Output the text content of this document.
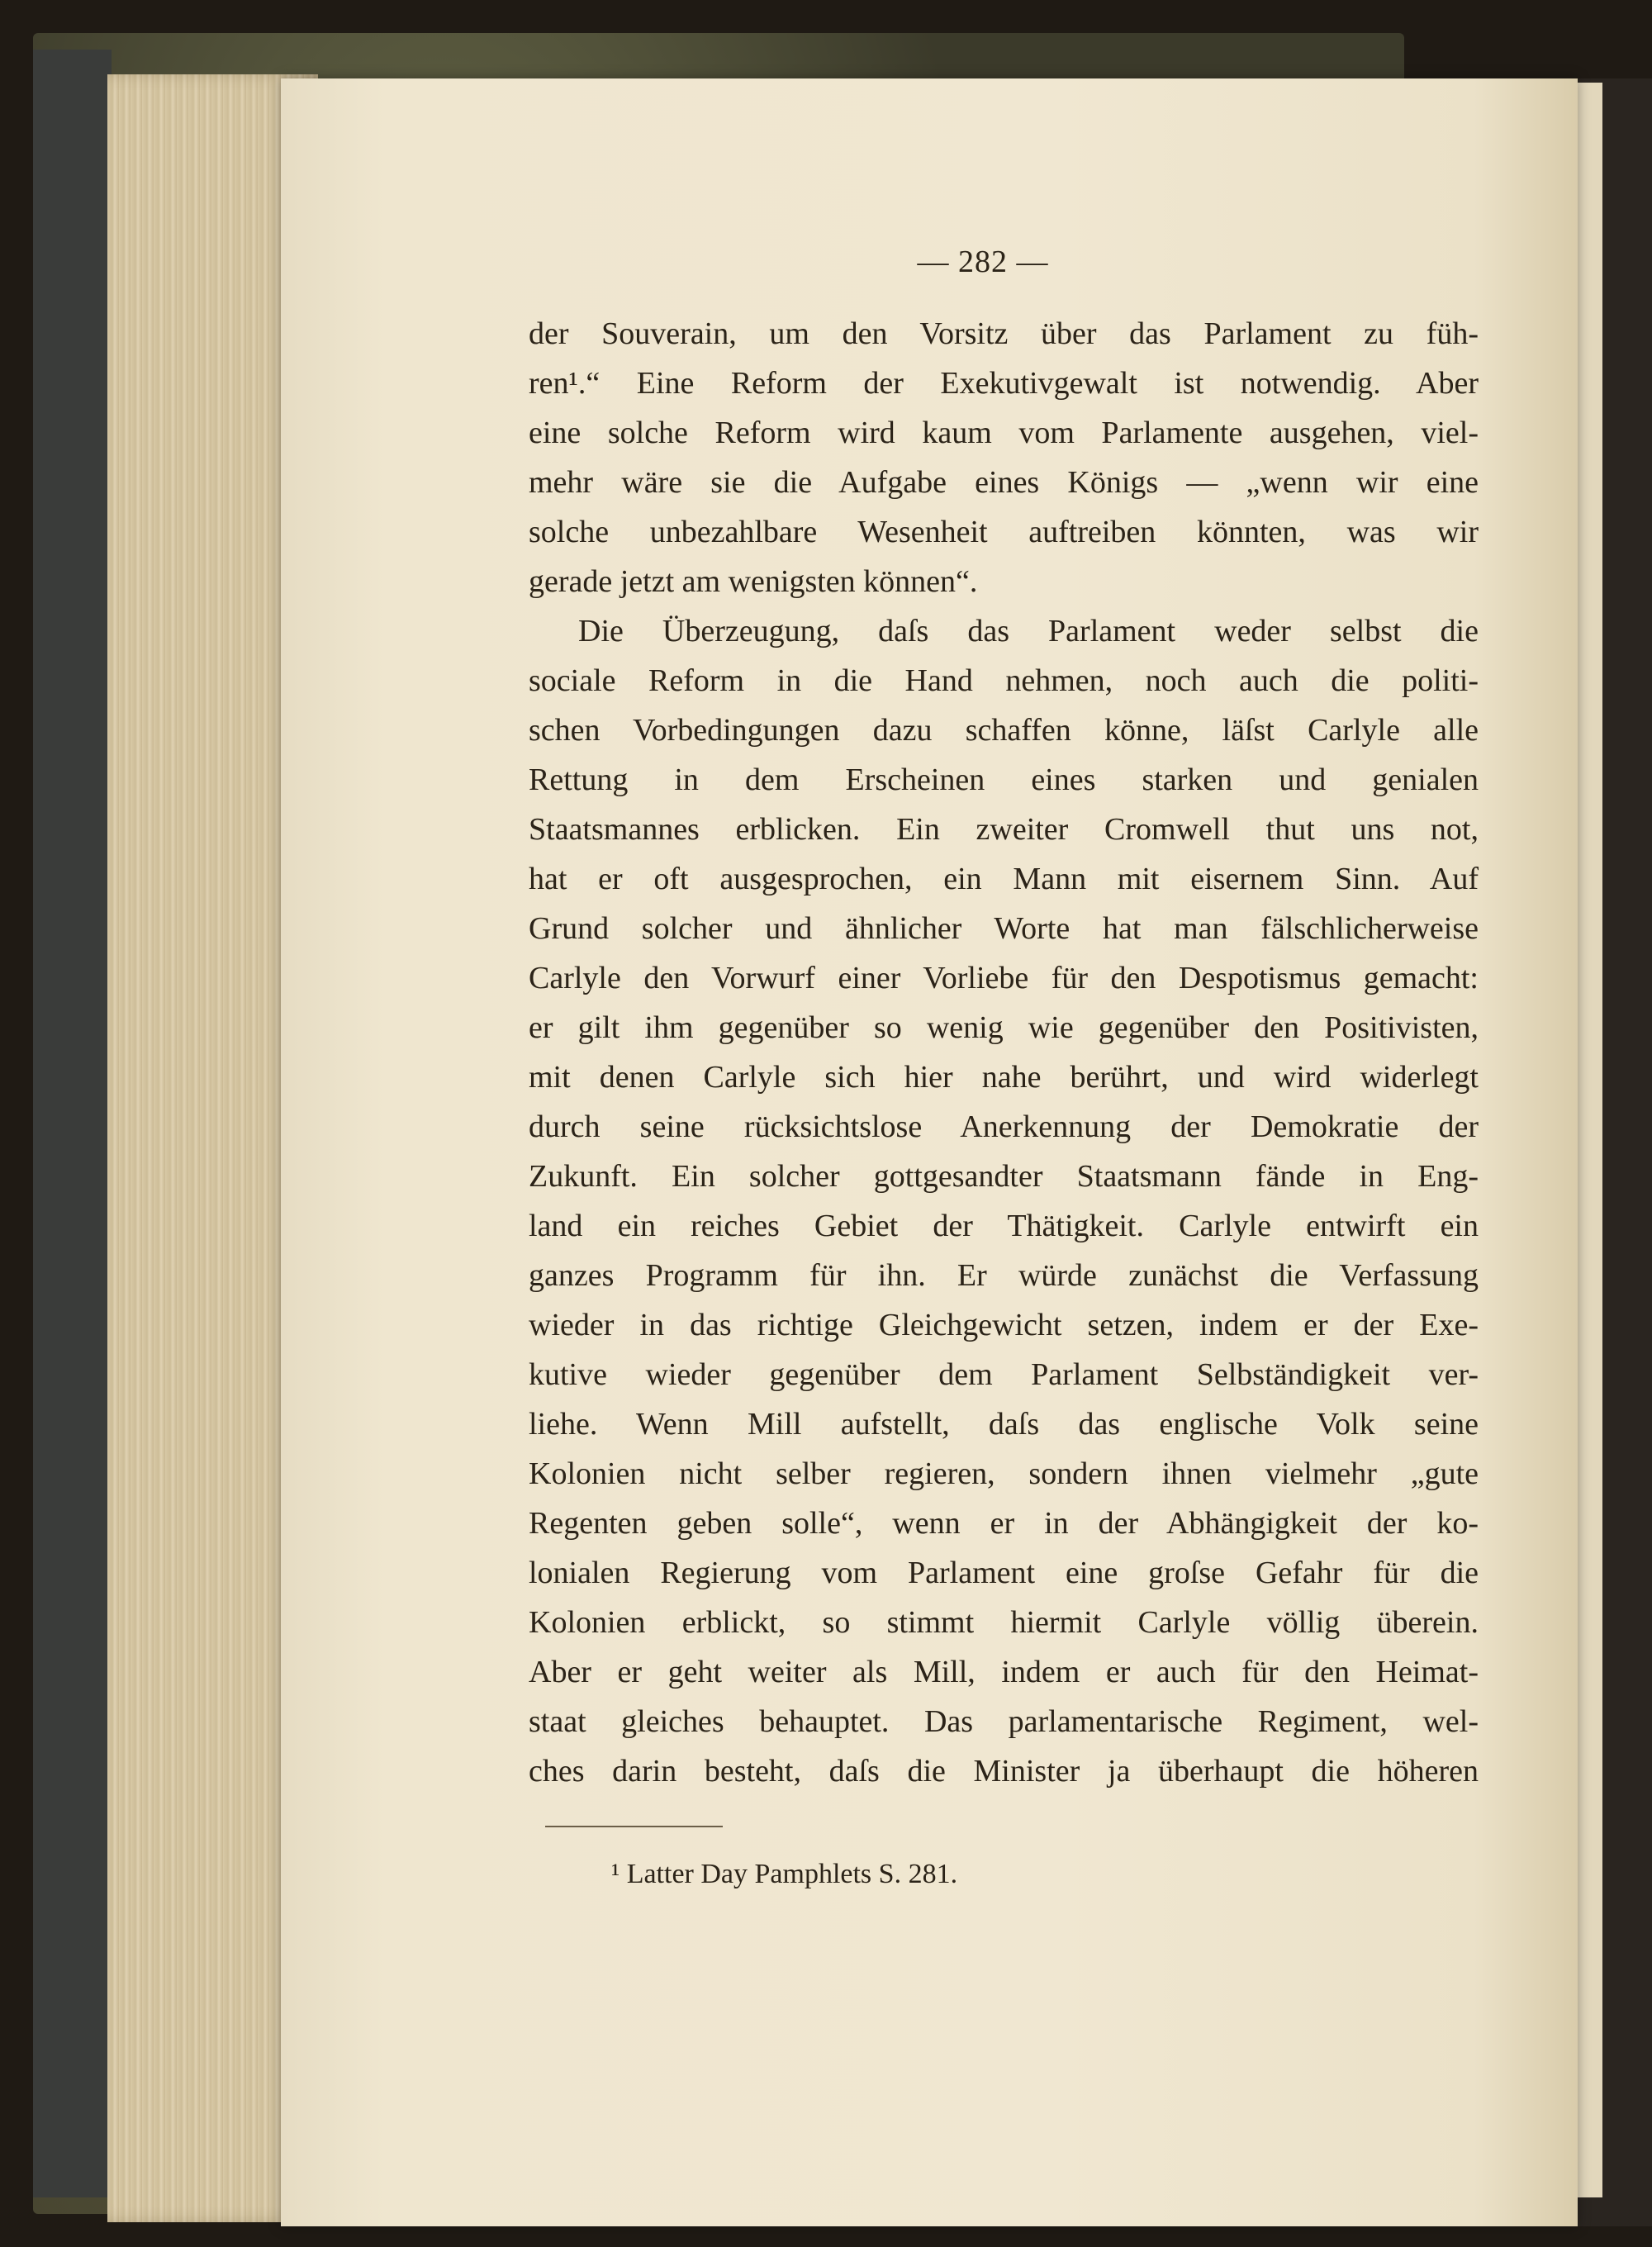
— 282 —
der Souverain, um den Vorsitz über das Parlament zu füh-
ren¹.“ Eine Reform der Exekutivgewalt ist notwendig. Aber
eine solche Reform wird kaum vom Parlamente ausgehen, viel-
mehr wäre sie die Aufgabe eines Königs — „wenn wir eine
solche unbezahlbare Wesenheit auftreiben könnten, was wir
gerade jetzt am wenigsten können“.
Die Überzeugung, daſs das Parlament weder selbst die
sociale Reform in die Hand nehmen, noch auch die politi-
schen Vorbedingungen dazu schaffen könne, läſst Carlyle alle
Rettung in dem Erscheinen eines starken und genialen
Staatsmannes erblicken. Ein zweiter Cromwell thut uns not,
hat er oft ausgesprochen, ein Mann mit eisernem Sinn. Auf
Grund solcher und ähnlicher Worte hat man fälschlicherweise
Carlyle den Vorwurf einer Vorliebe für den Despotismus gemacht:
er gilt ihm gegenüber so wenig wie gegenüber den Positivisten,
mit denen Carlyle sich hier nahe berührt, und wird widerlegt
durch seine rücksichtslose Anerkennung der Demokratie der
Zukunft. Ein solcher gottgesandter Staatsmann fände in Eng-
land ein reiches Gebiet der Thätigkeit. Carlyle entwirft ein
ganzes Programm für ihn. Er würde zunächst die Verfassung
wieder in das richtige Gleichgewicht setzen, indem er der Exe-
kutive wieder gegenüber dem Parlament Selbständigkeit ver-
liehe. Wenn Mill aufstellt, daſs das englische Volk seine
Kolonien nicht selber regieren, sondern ihnen vielmehr „gute
Regenten geben solle“, wenn er in der Abhängigkeit der ko-
lonialen Regierung vom Parlament eine groſse Gefahr für die
Kolonien erblickt, so stimmt hiermit Carlyle völlig überein.
Aber er geht weiter als Mill, indem er auch für den Heimat-
staat gleiches behauptet. Das parlamentarische Regiment, wel-
ches darin besteht, daſs die Minister ja überhaupt die höheren
¹ Latter Day Pamphlets S. 281.
